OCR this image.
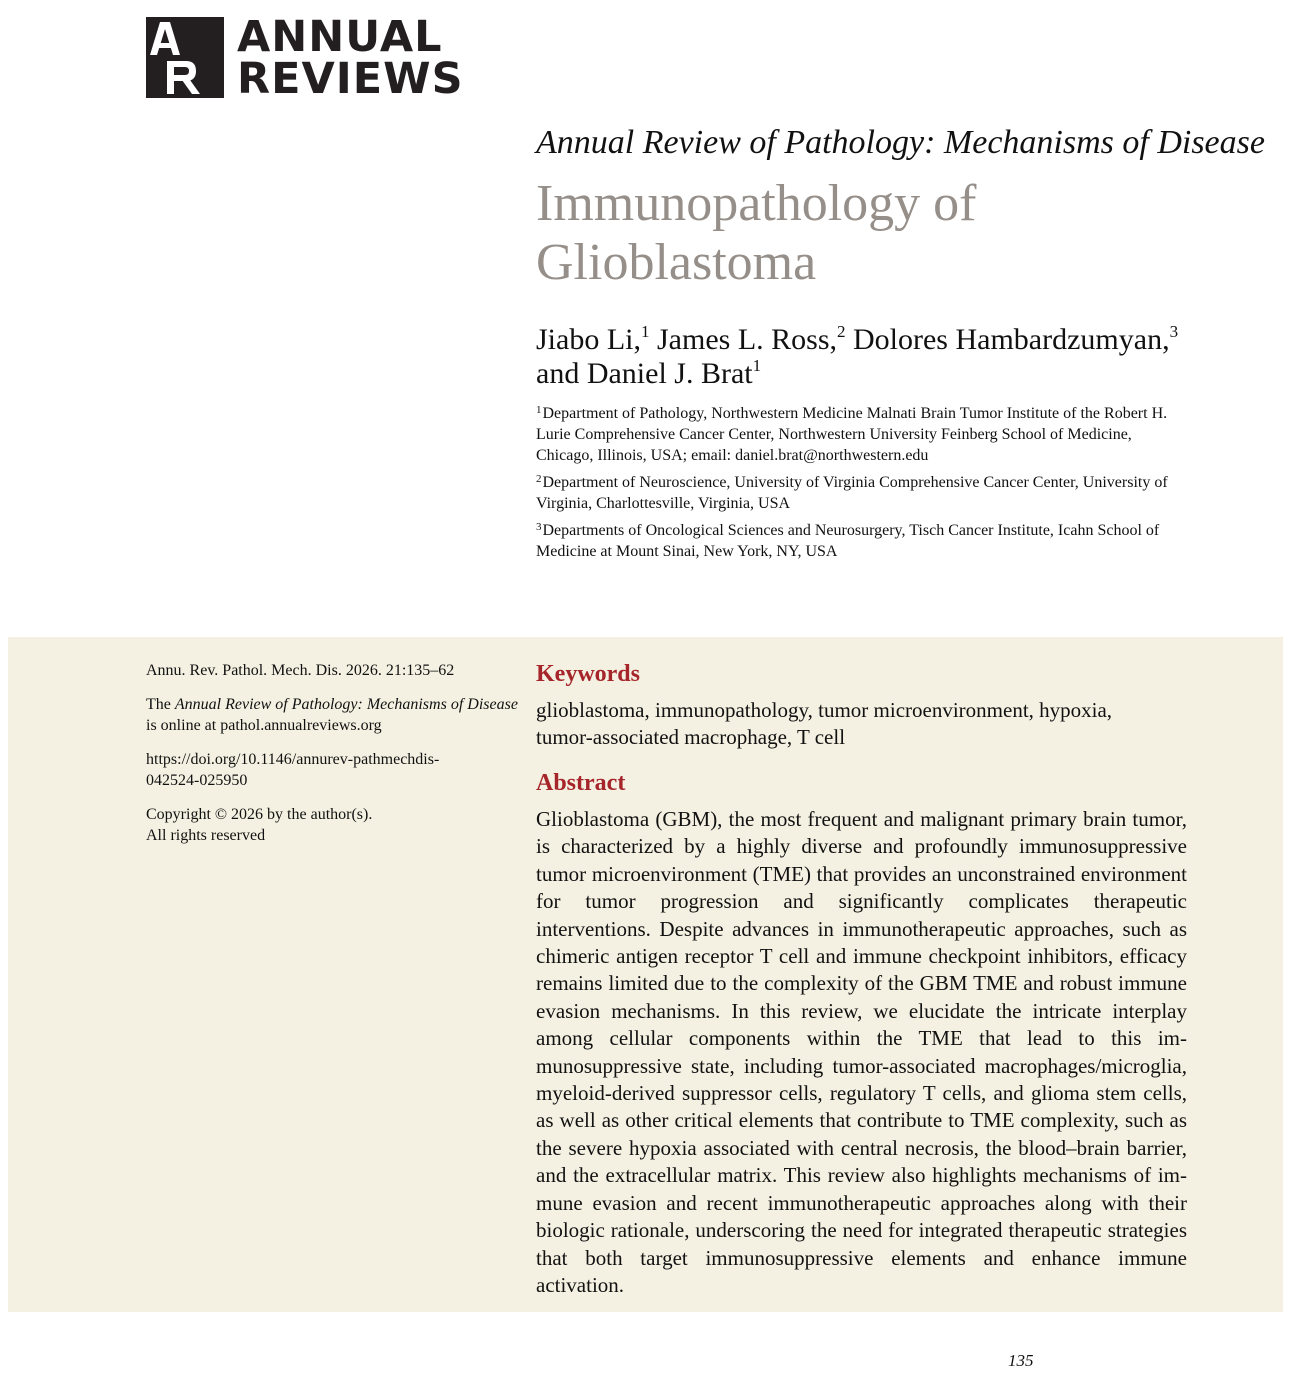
ANNUAL
REVIEWS
Annual Review of Pathology: Mechanisms of Disease
Immunopathology of
Glioblastoma
Jiabo Li,$^1$ James L. Ross,$^2$ Dolores Hambardzumyan,$^3$
and Daniel J. Brat$^1$

$^1$Department of Pathology, Northwestern Medicine Malnati Brain Tumor Institute of the Robert H. Lurie Comprehensive Cancer Center, Northwestern University Feinberg School of Medicine, Chicago, Illinois, USA; email: daniel.brat@northwestern.edu

$^2$Department of Neuroscience, University of Virginia Comprehensive Cancer Center, University of Virginia, Charlottesville, Virginia, USA

$^3$Departments of Oncological Sciences and Neurosurgery, Tisch Cancer Institute, Icahn School of Medicine at Mount Sinai, New York, NY, USA

Annu. Rev. Pathol. Mech. Dis. 2026. 21:135–62

The Annual Review of Pathology: Mechanisms of Disease
is online at pathol.annualreviews.org

https://doi.org/10.1146/annurev-pathmechdis-
042524-025950

Copyright © 2026 by the author(s).
All rights reserved

Keywords
glioblastoma, immunopathology, tumor microenvironment, hypoxia,
tumor-associated macrophage, T cell
Abstract
Glioblastoma (GBM), the most frequent and malignant primary brain tumor, is characterized by a highly diverse and profoundly immunosuppressive tumor microenvironment (TME) that provides an unconstrained environment for tumor progression and significantly complicates therapeutic interventions. Despite advances in immunotherapeutic approaches, such as chimeric antigen receptor T cell and immune checkpoint inhibitors, efficacy remains limited due to the complexity of the GBM TME and robust immune evasion mechanisms. In this review, we elucidate the intricate interplay among cellular components within the TME that lead to this immunosuppressive state, including tumor-associated macrophages/microglia, myeloid-derived suppressor cells, regulatory T cells, and glioma stem cells, as well as other critical elements that contribute to TME complexity, such as the severe hypoxia associated with central necrosis, the blood–brain barrier, and the extracellular matrix. This review also highlights mechanisms of immune evasion and recent immunotherapeutic approaches along with their biologic rationale, underscoring the need for integrated therapeutic strategies that both target immunosuppressive elements and enhance immune activation.
135
